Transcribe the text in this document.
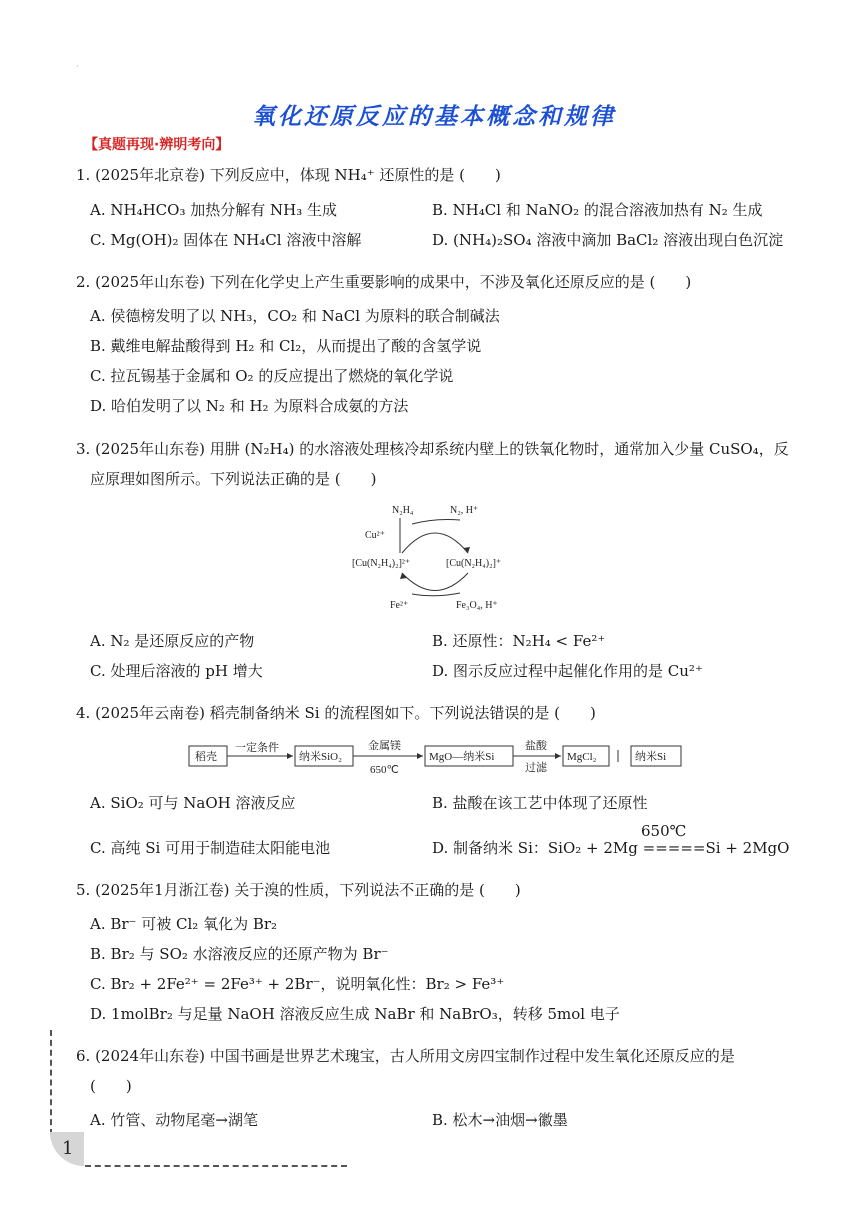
·
氧化还原反应的基本概念和规律
【真题再现·辨明考向】
1. (2025年北京卷) 下列反应中，体现 NH₄⁺ 还原性的是 (　　)
A. NH₄HCO₃ 加热分解有 NH₃ 生成	B. NH₄Cl 和 NaNO₂ 的混合溶液加热有 N₂ 生成
C. Mg(OH)₂ 固体在 NH₄Cl 溶液中溶解	D. (NH₄)₂SO₄ 溶液中滴加 BaCl₂ 溶液出现白色沉淀
2. (2025年山东卷) 下列在化学史上产生重要影响的成果中，不涉及氧化还原反应的是 (　　)
A. 侯德榜发明了以 NH₃，CO₂ 和 NaCl 为原料的联合制碱法
B. 戴维电解盐酸得到 H₂ 和 Cl₂，从而提出了酸的含氢学说
C. 拉瓦锡基于金属和 O₂ 的反应提出了燃烧的氧化学说
D. 哈伯发明了以 N₂ 和 H₂ 为原料合成氨的方法
3. (2025年山东卷) 用肼 (N₂H₄) 的水溶液处理核冷却系统内壁上的铁氧化物时，通常加入少量 CuSO₄，反
应原理如图所示。下列说法正确的是 (　　)
N₂H₄	N₂, H⁺
Cu²⁺
[Cu(N₂H₄)₂]²⁺	[Cu(N₂H₄)₂]⁺
Fe²⁺	Fe₃O₄, H⁺
A. N₂ 是还原反应的产物	B. 还原性：N₂H₄ < Fe²⁺
C. 处理后溶液的 pH 增大	D. 图示反应过程中起催化作用的是 Cu²⁺
4. (2025年云南卷) 稻壳制备纳米 Si 的流程图如下。下列说法错误的是 (　　)
稻壳	纳米SiO₂	MgO—纳米Si	MgCl₂	纳米Si
一定条件	金属镁
650℃
盐酸
过滤
A. SiO₂ 可与 NaOH 溶液反应	B. 盐酸在该工艺中体现了还原性
650℃
C. 高纯 Si 可用于制造硅太阳能电池	D. 制备纳米 Si：SiO₂ + 2Mg =====Si + 2MgO
5. (2025年1月浙江卷) 关于溴的性质，下列说法不正确的是 (　　)
A. Br⁻ 可被 Cl₂ 氧化为 Br₂
B. Br₂ 与 SO₂ 水溶液反应的还原产物为 Br⁻
C. Br₂ + 2Fe²⁺ = 2Fe³⁺ + 2Br⁻，说明氧化性：Br₂ > Fe³⁺
D. 1molBr₂ 与足量 NaOH 溶液反应生成 NaBr 和 NaBrO₃，转移 5mol 电子
6. (2024年山东卷) 中国书画是世界艺术瑰宝，古人所用文房四宝制作过程中发生氧化还原反应的是
(　　)
A. 竹管、动物尾毫→湖笔	B. 松木→油烟→徽墨
1
